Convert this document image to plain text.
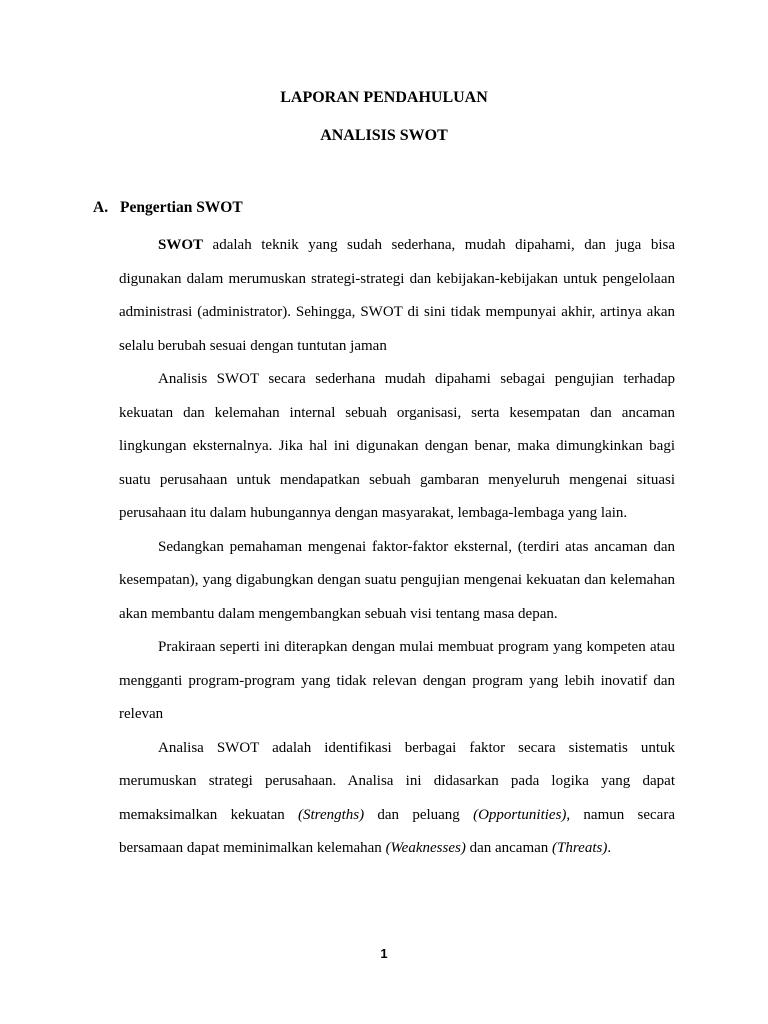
LAPORAN PENDAHULUAN
ANALISIS SWOT
A. Pengertian SWOT

SWOT adalah teknik yang sudah sederhana, mudah dipahami, dan juga bisa digunakan dalam merumuskan strategi-strategi dan kebijakan-kebijakan untuk pengelolaan administrasi (administrator). Sehingga, SWOT di sini tidak mempunyai akhir, artinya akan selalu berubah sesuai dengan tuntutan jaman

Analisis SWOT secara sederhana mudah dipahami sebagai pengujian terhadap kekuatan dan kelemahan internal sebuah organisasi, serta kesempatan dan ancaman lingkungan eksternalnya. Jika hal ini digunakan dengan benar, maka dimungkinkan bagi suatu perusahaan untuk mendapatkan sebuah gambaran menyeluruh mengenai situasi perusahaan itu dalam hubungannya dengan masyarakat, lembaga-lembaga yang lain.

Sedangkan pemahaman mengenai faktor-faktor eksternal, (terdiri atas ancaman dan kesempatan), yang digabungkan dengan suatu pengujian mengenai kekuatan dan kelemahan akan membantu dalam mengembangkan sebuah visi tentang masa depan.

Prakiraan seperti ini diterapkan dengan mulai membuat program yang kompeten atau mengganti program-program yang tidak relevan dengan program yang lebih inovatif dan relevan

Analisa SWOT adalah identifikasi berbagai faktor secara sistematis untuk merumuskan strategi perusahaan. Analisa ini didasarkan pada logika yang dapat memaksimalkan kekuatan (Strengths) dan peluang (Opportunities), namun secara bersamaan dapat meminimalkan kelemahan (Weaknesses) dan ancaman (Threats).

1
